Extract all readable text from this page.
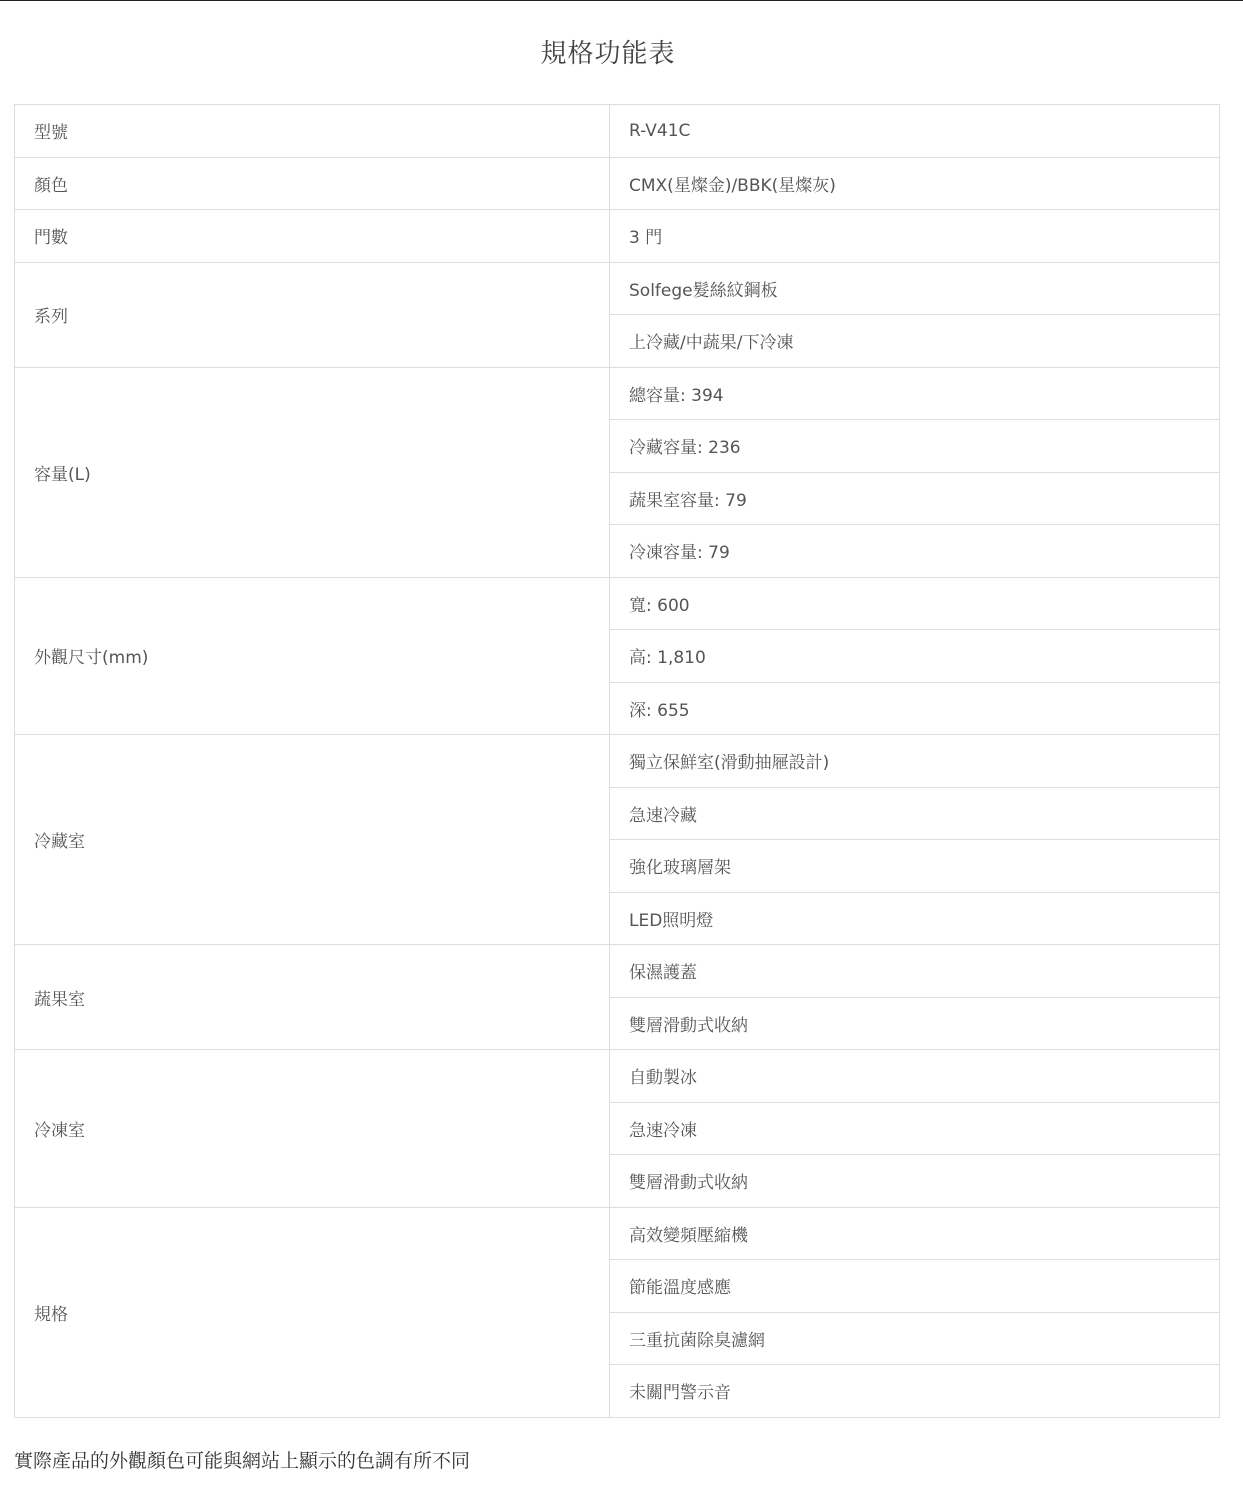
規格功能表
型號	R-V41C
顏色	CMX(星燦金)/BBK(星燦灰)
門數	3 門
系列	Solfege髮絲紋鋼板
	上冷藏/中蔬果/下冷凍
容量(L)	總容量: 394
	冷藏容量: 236
	蔬果室容量: 79
	冷凍容量: 79
外觀尺寸(mm)	寬: 600
	高: 1,810
	深: 655
冷藏室	獨立保鮮室(滑動抽屜設計)
	急速冷藏
	強化玻璃層架
	LED照明燈
蔬果室	保濕護蓋
	雙層滑動式收納
冷凍室	自動製冰
	急速冷凍
	雙層滑動式收納
規格	高效變頻壓縮機
	節能溫度感應
	三重抗菌除臭濾網
	未關門警示音
實際產品的外觀顏色可能與網站上顯示的色調有所不同
